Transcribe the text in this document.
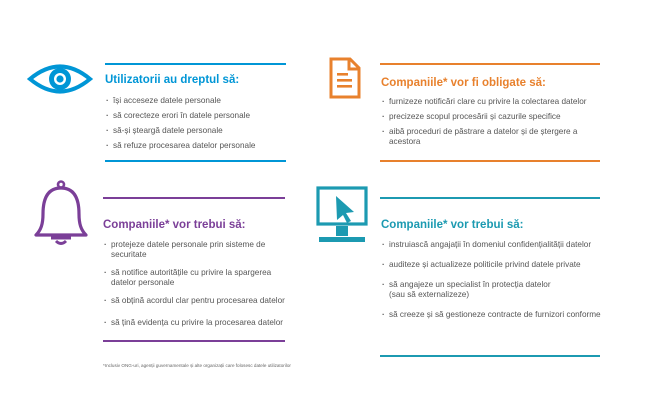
Utilizatorii au dreptul să:
· își acceseze datele personale
· să corecteze erori în datele personale
· să-și șteargă datele personale
· să refuze procesarea datelor personale
Companiile* vor fi obligate să:
· furnizeze notificări clare cu privire la colectarea datelor
· precizeze scopul procesării și cazurile specifice
· aibă proceduri de păstrare a datelor și de ștergere a acestora
Companiile* vor trebui să:
· protejeze datele personale prin sisteme de securitate
· să notifice autoritățile cu privire la spargerea datelor personale
· să obțină acordul clar pentru procesarea datelor
· să țină evidența cu privire la procesarea datelor
Companiile* vor trebui să:
· instruiască angajații în domeniul confidențialității datelor
· auditeze și actualizeze politicile privind datele private
· să angajeze un specialist în protecția datelor (sau să externalizeze)
· să creeze și să gestioneze contracte de furnizori conforme
*Inclusiv ONG-uri, agenții guvernamentale și alte organizații care folosesc datele utilizatorilor
